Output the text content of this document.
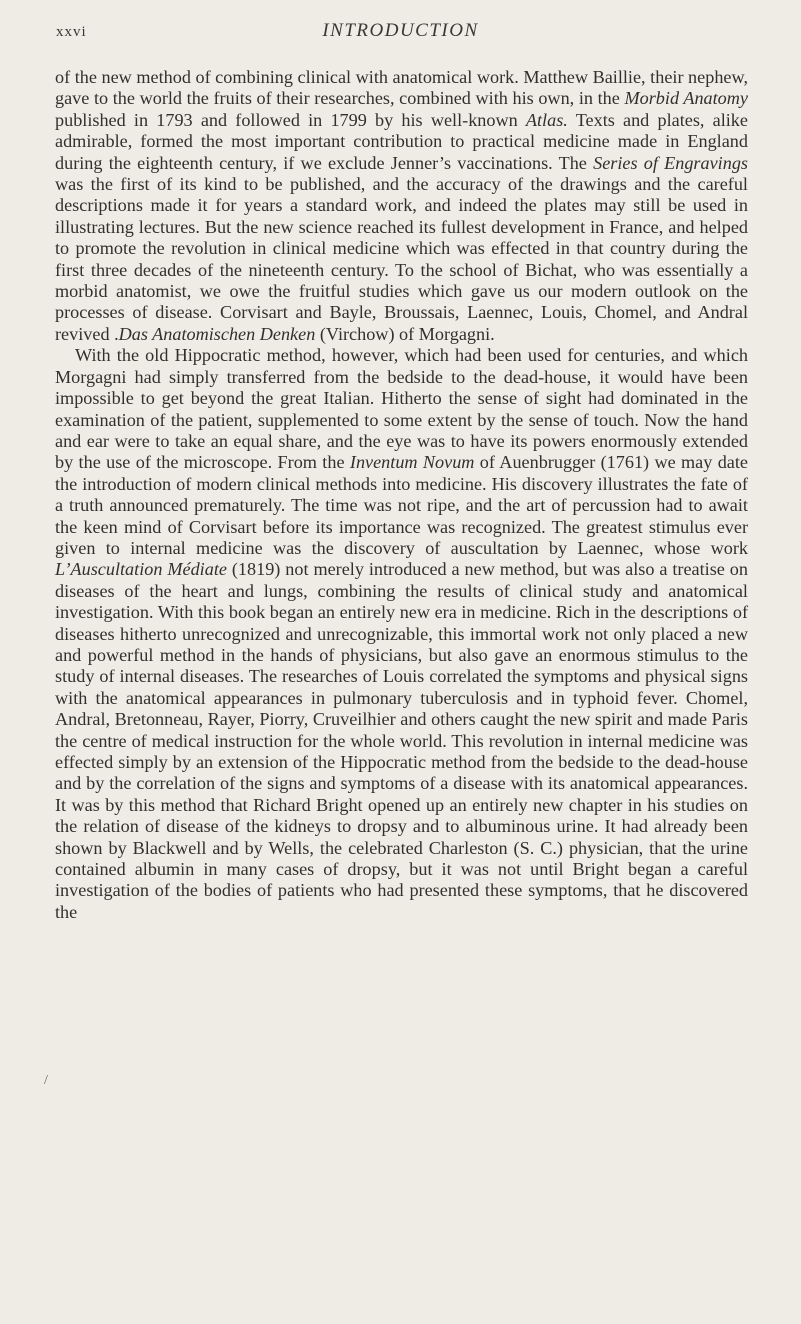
xxvi	INTRODUCTION
/

of the new method of combining clinical with anatomical work. Matthew Baillie, their nephew, gave to the world the fruits of their researches, combined with his own, in the Morbid Anatomy published in 1793 and followed in 1799 by his well-known Atlas. Texts and plates, alike admirable, formed the most important contribution to practical medicine made in England during the eighteenth century, if we exclude Jenner’s vaccinations. The Series of Engravings was the first of its kind to be published, and the accuracy of the drawings and the careful descriptions made it for years a standard work, and indeed the plates may still be used in illustrating lectures. But the new science reached its fullest development in France, and helped to promote the revolution in clinical medicine which was effected in that country during the first three decades of the nineteenth century. To the school of Bichat, who was essentially a morbid anatomist, we owe the fruitful studies which gave us our modern outlook on the processes of disease. Corvisart and Bayle, Broussais, Laennec, Louis, Chomel, and Andral revived .Das Anatomischen Denken (Virchow) of Morgagni.

With the old Hippocratic method, however, which had been used for centuries, and which Morgagni had simply transferred from the bedside to the dead-house, it would have been impossible to get beyond the great Italian. Hitherto the sense of sight had dominated in the examination of the patient, supplemented to some extent by the sense of touch. Now the hand and ear were to take an equal share, and the eye was to have its powers enormously extended by the use of the microscope. From the Inventum Novum of Auenbrugger (1761) we may date the introduction of modern clinical methods into medicine. His discovery illustrates the fate of a truth announced prematurely. The time was not ripe, and the art of percussion had to await the keen mind of Corvisart before its importance was recognized. The greatest stimulus ever given to internal medicine was the discovery of auscultation by Laennec, whose work L’Auscultation Médiate (1819) not merely introduced a new method, but was also a treatise on diseases of the heart and lungs, combining the results of clinical study and anatomical investigation. With this book began an entirely new era in medicine. Rich in the descriptions of diseases hitherto unrecognized and unrecognizable, this immortal work not only placed a new and powerful method in the hands of physicians, but also gave an enormous stimulus to the study of internal diseases. The researches of Louis correlated the symptoms and physical signs with the anatomical appearances in pulmonary tuberculosis and in typhoid fever. Chomel, Andral, Bretonneau, Rayer, Piorry, Cruveilhier and others caught the new spirit and made Paris the centre of medical instruction for the whole world. This revolution in internal medicine was effected simply by an extension of the Hippocratic method from the bedside to the dead-house and by the correlation of the signs and symptoms of a disease with its anatomical appearances. It was by this method that Richard Bright opened up an entirely new chapter in his studies on the relation of disease of the kidneys to dropsy and to albuminous urine. It had already been shown by Blackwell and by Wells, the celebrated Charleston (S. C.) physician, that the urine contained albumin in many cases of dropsy, but it was not until Bright began a careful investigation of the bodies of patients who had presented these symptoms, that he discovered the
